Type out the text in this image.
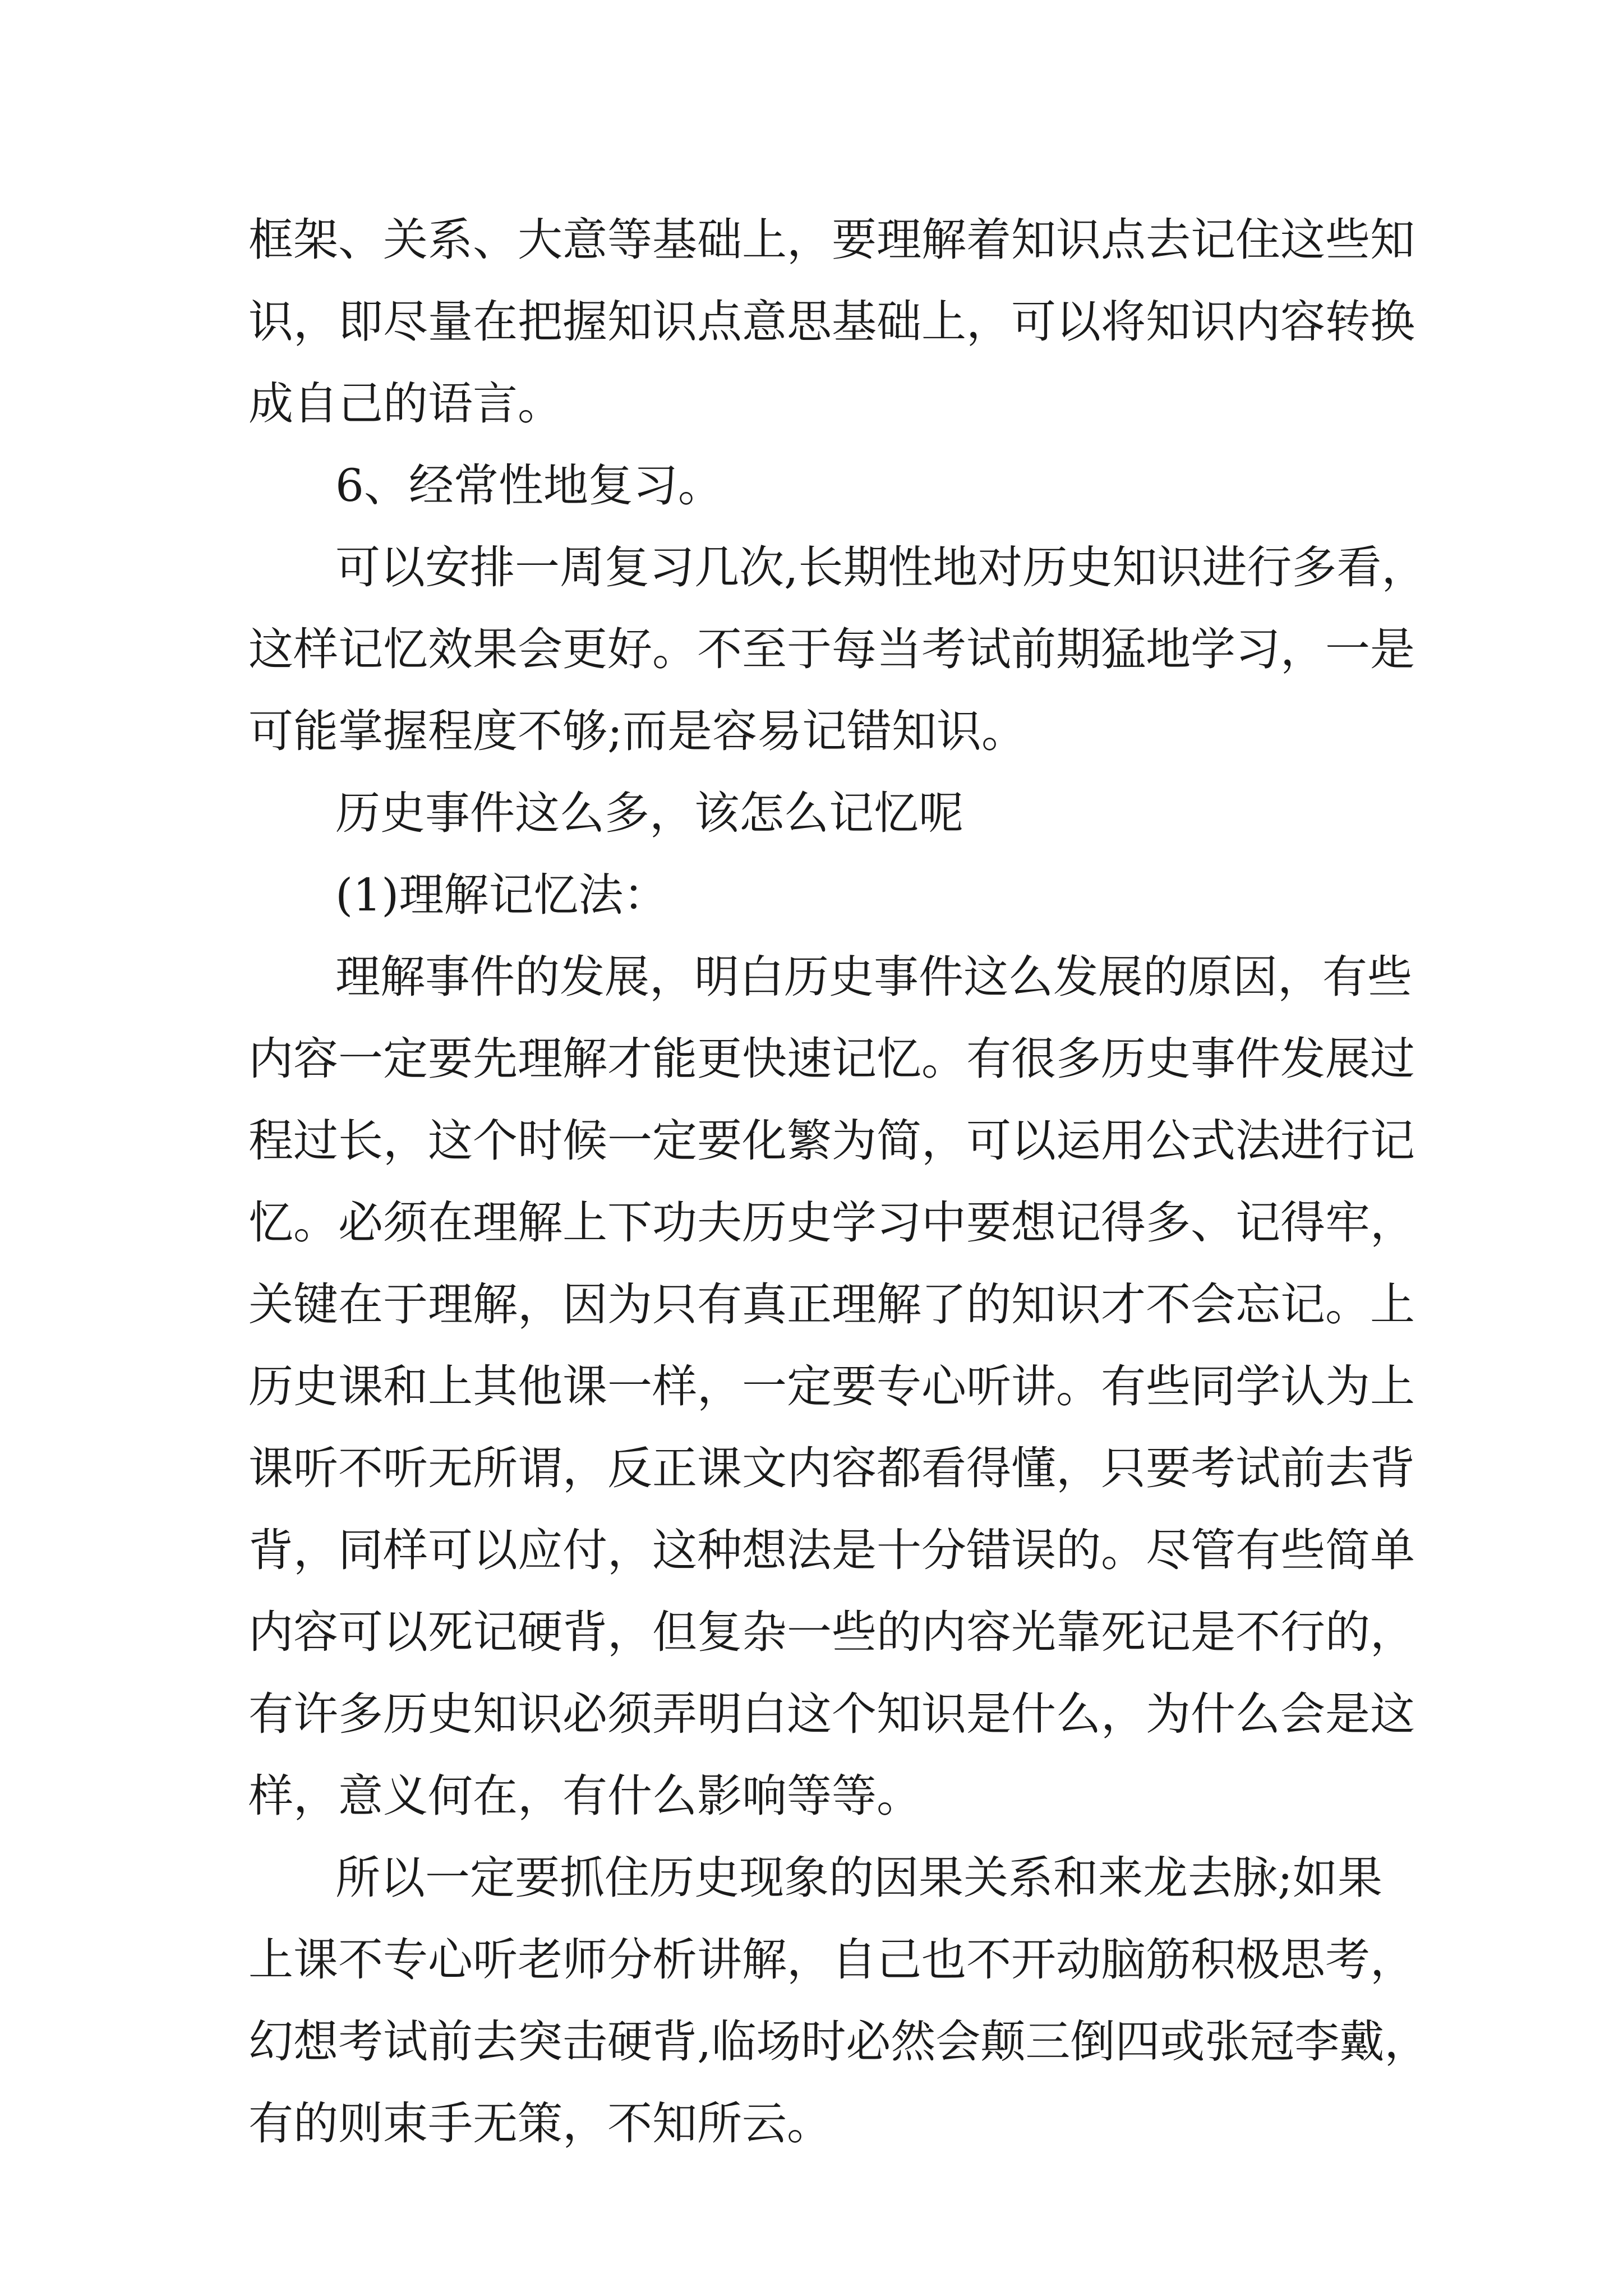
框架、关系、大意等基础上，要理解着知识点去记住这些知
识，即尽量在把握知识点意思基础上，可以将知识内容转换
成自己的语言。
6、经常性地复习。
可以安排一周复习几次,长期性地对历史知识进行多看，
这样记忆效果会更好。不至于每当考试前期猛地学习，一是
可能掌握程度不够;而是容易记错知识。
历史事件这么多，该怎么记忆呢
(1)理解记忆法：
理解事件的发展，明白历史事件这么发展的原因，有些
内容一定要先理解才能更快速记忆。有很多历史事件发展过
程过长，这个时候一定要化繁为简，可以运用公式法进行记
忆。必须在理解上下功夫历史学习中要想记得多、记得牢，
关键在于理解，因为只有真正理解了的知识才不会忘记。上
历史课和上其他课一样，一定要专心听讲。有些同学认为上
课听不听无所谓，反正课文内容都看得懂，只要考试前去背
背，同样可以应付，这种想法是十分错误的。尽管有些简单
内容可以死记硬背，但复杂一些的内容光靠死记是不行的，
有许多历史知识必须弄明白这个知识是什么，为什么会是这
样，意义何在，有什么影响等等。
所以一定要抓住历史现象的因果关系和来龙去脉;如果
上课不专心听老师分析讲解，自己也不开动脑筋积极思考，
幻想考试前去突击硬背,临场时必然会颠三倒四或张冠李戴，
有的则束手无策，不知所云。
